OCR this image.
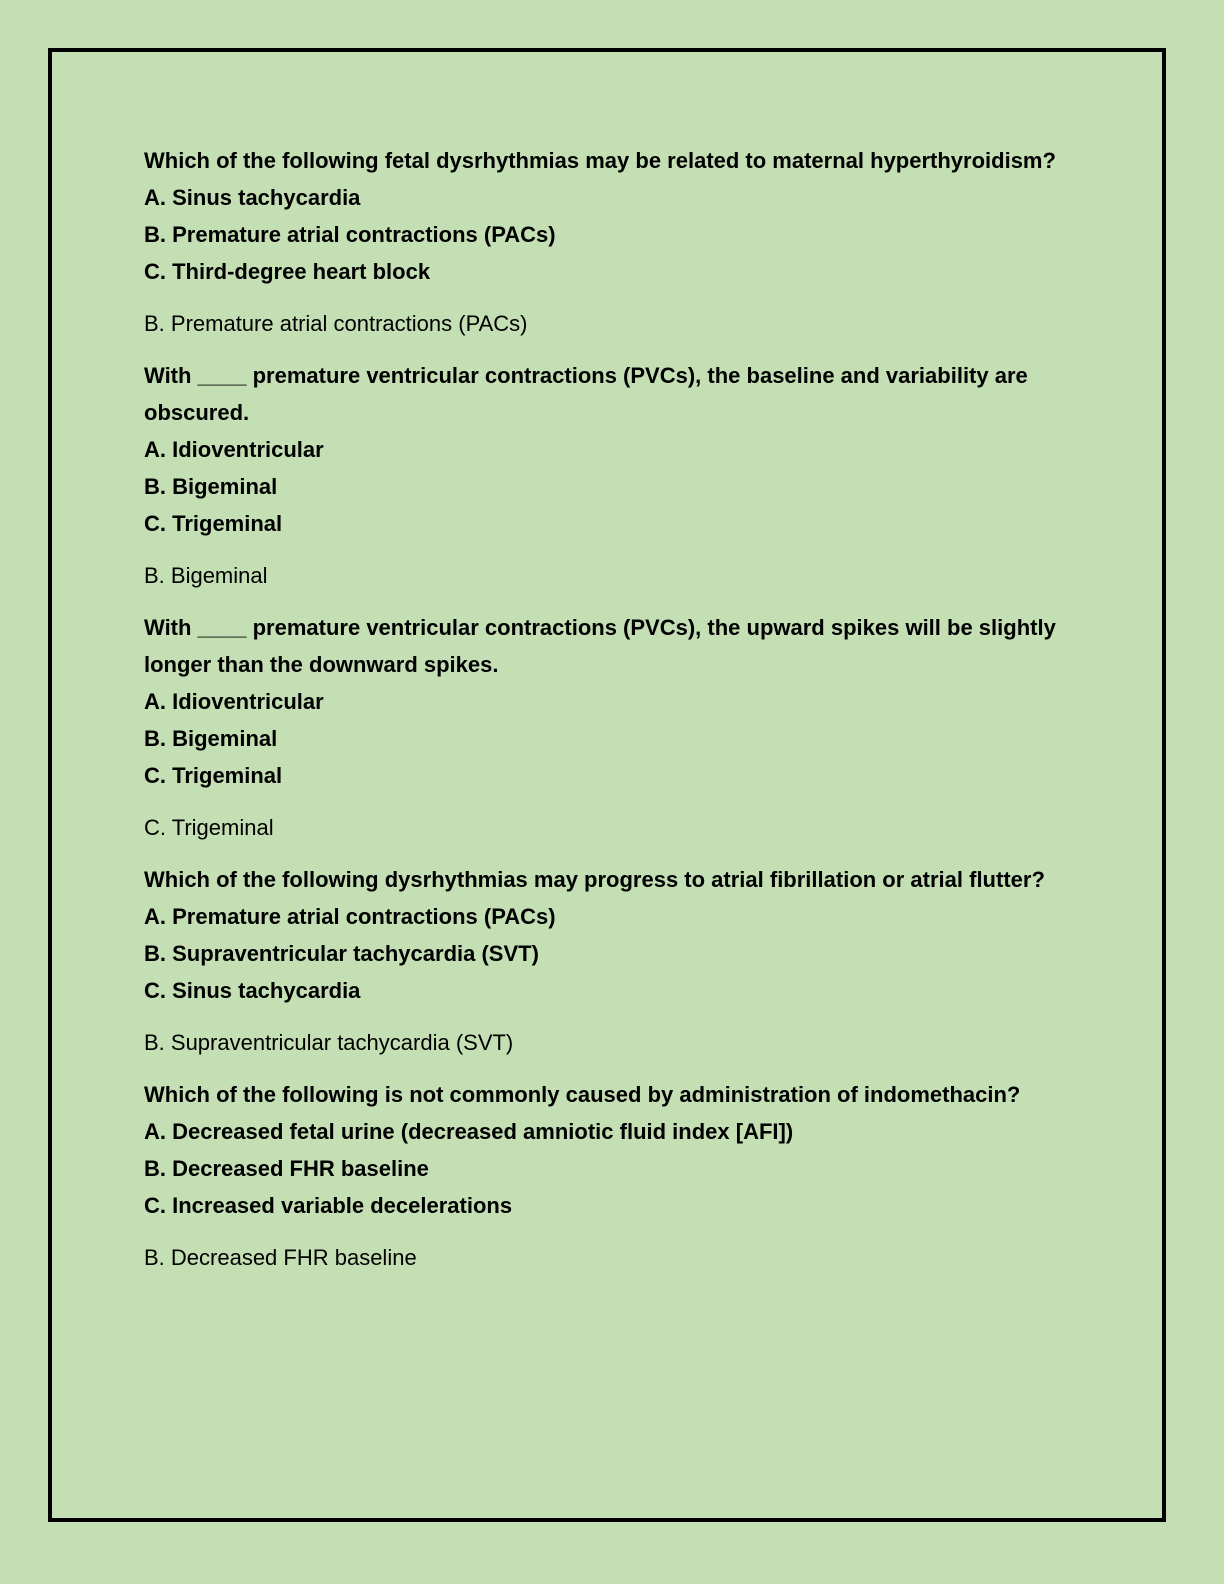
Which of the following fetal dysrhythmias may be related to maternal hyperthyroidism?

A. Sinus tachycardia

B. Premature atrial contractions (PACs)

C. Third-degree heart block

B. Premature atrial contractions (PACs)

With ____ premature ventricular contractions (PVCs), the baseline and variability are obscured.

A. Idioventricular

B. Bigeminal

C. Trigeminal

B. Bigeminal

With ____ premature ventricular contractions (PVCs), the upward spikes will be slightly longer than the downward spikes.

A. Idioventricular

B. Bigeminal

C. Trigeminal

C. Trigeminal

Which of the following dysrhythmias may progress to atrial fibrillation or atrial flutter?

A. Premature atrial contractions (PACs)

B. Supraventricular tachycardia (SVT)

C. Sinus tachycardia

B. Supraventricular tachycardia (SVT)

Which of the following is not commonly caused by administration of indomethacin?

A. Decreased fetal urine (decreased amniotic fluid index [AFI])

B. Decreased FHR baseline

C. Increased variable decelerations

B. Decreased FHR baseline
